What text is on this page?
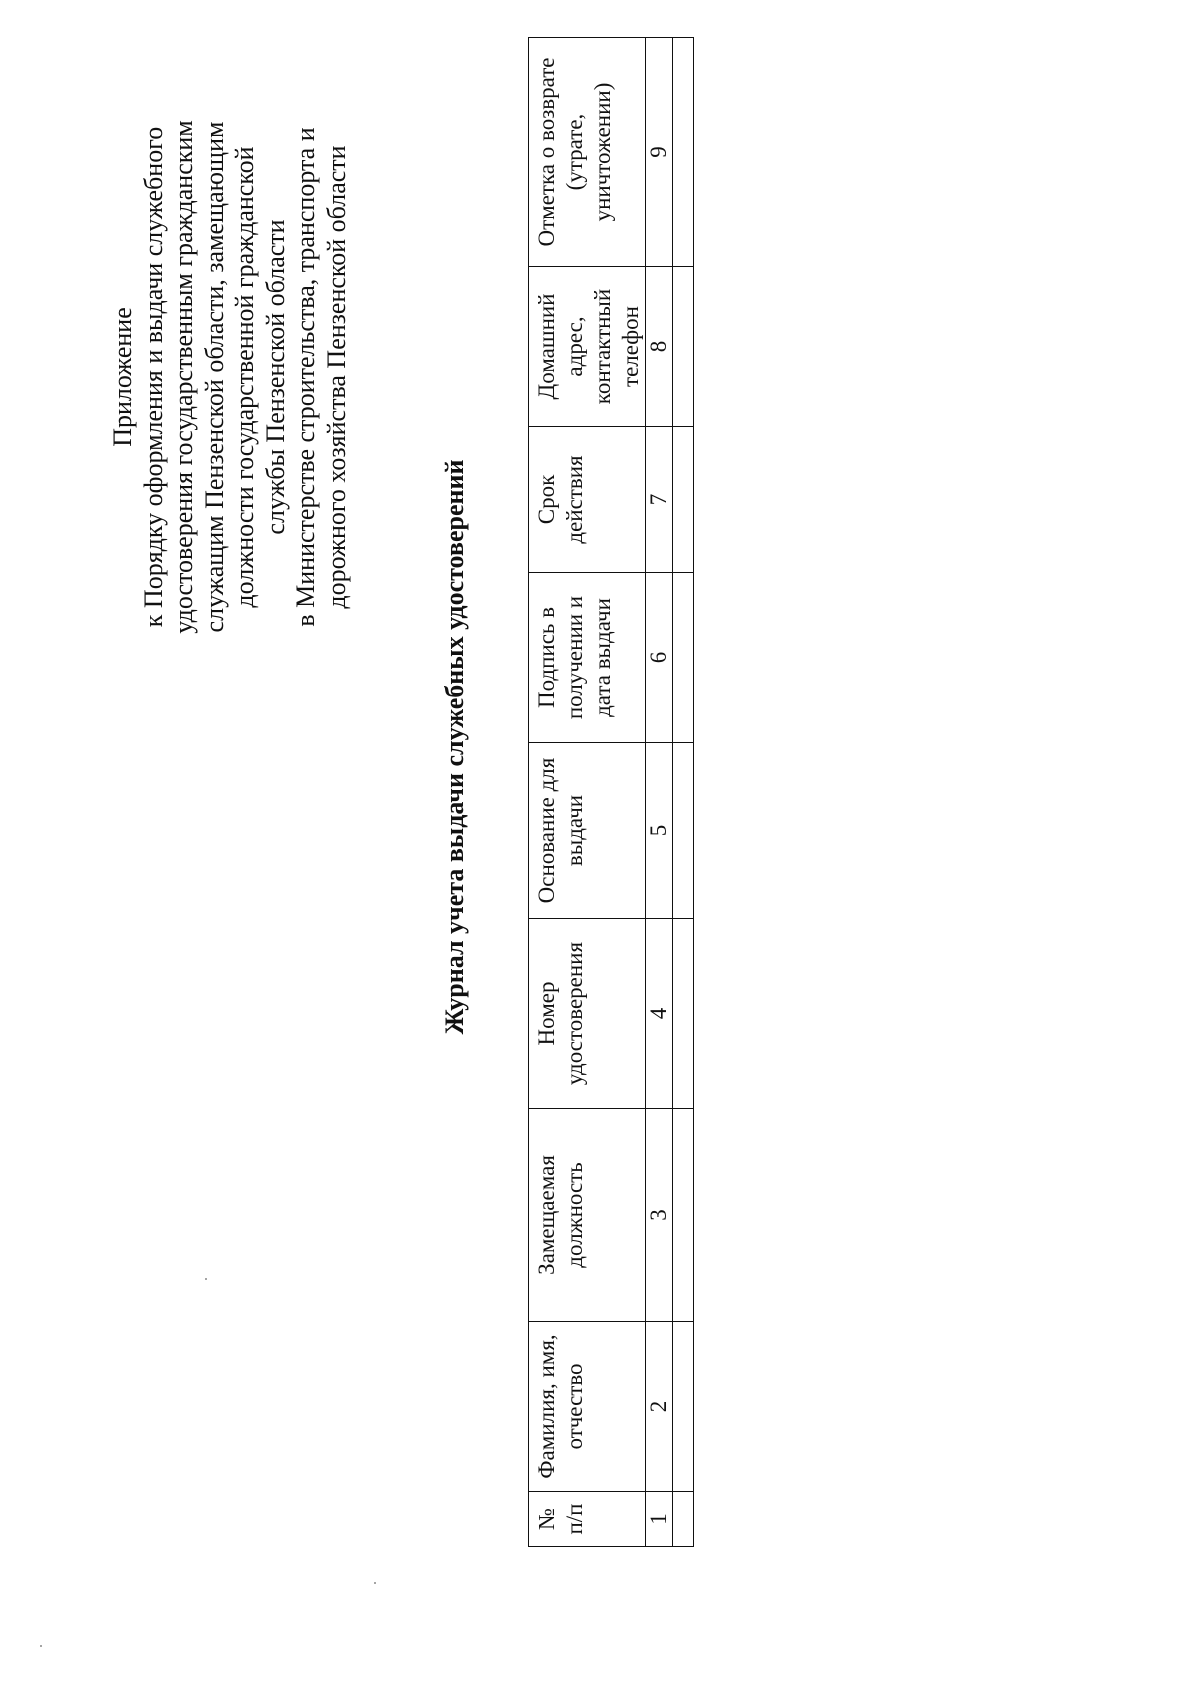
Приложение к Порядку оформления и выдачи служебного удостоверения государственным гражданским служащим Пензенской области, замещающим должности государственной гражданской службы Пензенской области в Министерстве строительства, транспорта и дорожного хозяйства Пензенской области
Журнал учета выдачи служебных удостоверений
№ п/п	Фамилия, имя, отчество	Замещаемая должность	Номер удостоверения	Основание для выдачи	Подпись в получении и дата выдачи	Срок действия	Домашний адрес, контактный телефон	Отметка о возврате (утрате, уничтожении)
1	2	3	4	5	6	7	8	9
